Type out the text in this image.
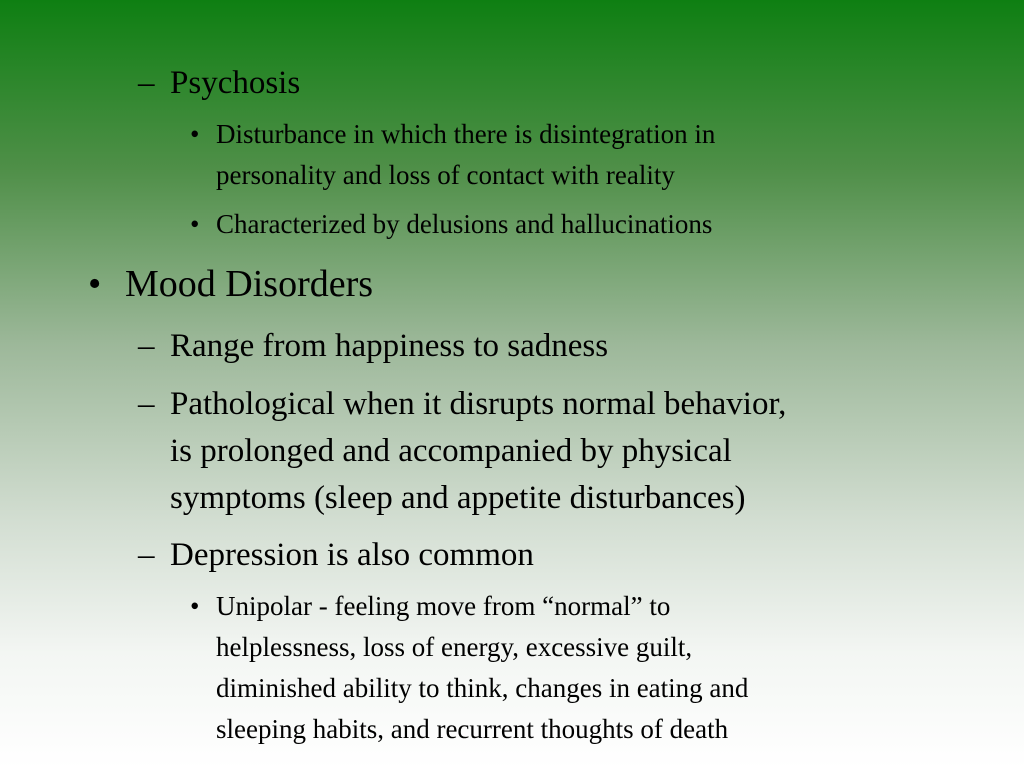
– Psychosis
• Disturbance in which there is disintegration in
personality and loss of contact with reality
• Characterized by delusions and hallucinations
• Mood Disorders
– Range from happiness to sadness
– Pathological when it disrupts normal behavior,
is prolonged and accompanied by physical
symptoms (sleep and appetite disturbances)
– Depression is also common
• Unipolar - feeling move from “normal” to
helplessness, loss of energy, excessive guilt,
diminished ability to think, changes in eating and
sleeping habits, and recurrent thoughts of death
